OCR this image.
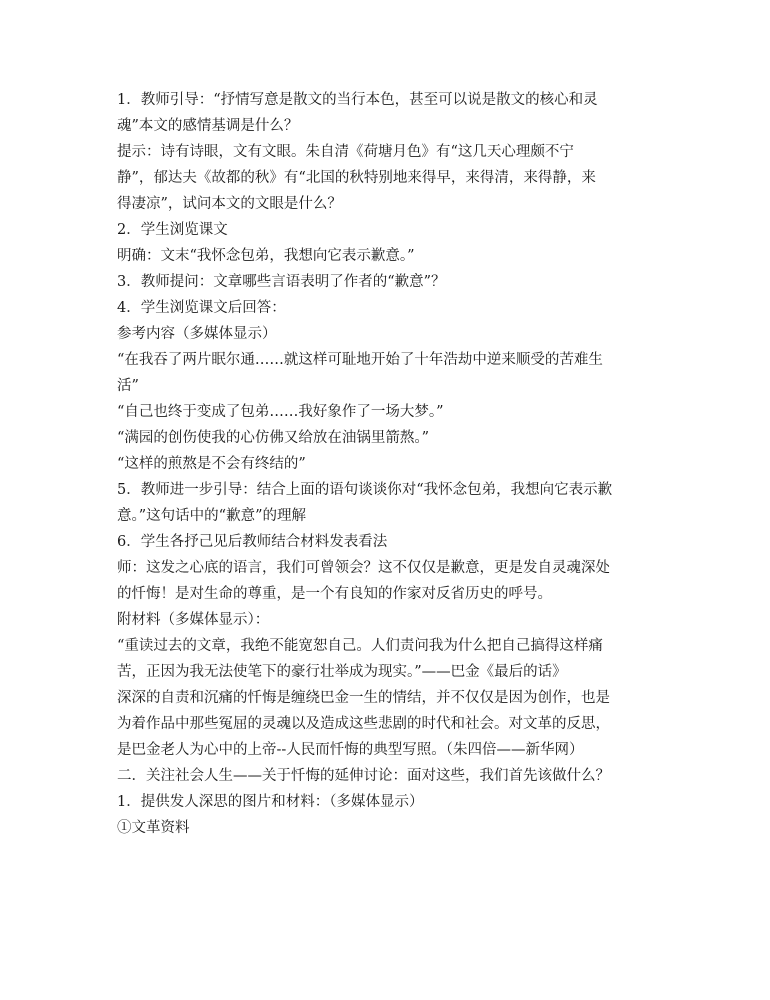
1．教师引导：“抒情写意是散文的当行本色，甚至可以说是散文的核心和灵
魂”本文的感情基调是什么？
提示：诗有诗眼，文有文眼。朱自清《荷塘月色》有“这几天心理颇不宁
静”，郁达夫《故都的秋》有“北国的秋特别地来得早，来得清，来得静，来
得凄凉”，试问本文的文眼是什么？
2．学生浏览课文
明确：文末“我怀念包弟，我想向它表示歉意。”
3．教师提问：文章哪些言语表明了作者的“歉意”？
4．学生浏览课文后回答：
参考内容（多媒体显示）
“在我吞了两片眠尔通……就这样可耻地开始了十年浩劫中逆来顺受的苦难生
活”
“自己也终于变成了包弟……我好象作了一场大梦。”
“满园的创伤使我的心仿佛又给放在油锅里箭熬。”
“这样的煎熬是不会有终结的”
5．教师进一步引导：结合上面的语句谈谈你对“我怀念包弟，我想向它表示歉
意。”这句话中的“歉意”的理解
6．学生各抒己见后教师结合材料发表看法
师：这发之心底的语言，我们可曾领会？这不仅仅是歉意，更是发自灵魂深处
的忏悔！是对生命的尊重，是一个有良知的作家对反省历史的呼号。
附材料（多媒体显示）：
“重读过去的文章，我绝不能宽恕自己。人们责问我为什么把自己搞得这样痛
苦，正因为我无法使笔下的豪行壮举成为现实。”——巴金《最后的话》
深深的自责和沉痛的忏悔是缠绕巴金一生的情结，并不仅仅是因为创作，也是
为着作品中那些冤屈的灵魂以及造成这些悲剧的时代和社会。对文革的反思，
是巴金老人为心中的上帝--人民而忏悔的典型写照。（朱四倍——新华网）
二．关注社会人生——关于忏悔的延伸讨论：面对这些，我们首先该做什么？
1．提供发人深思的图片和材料：（多媒体显示）
①文革资料
